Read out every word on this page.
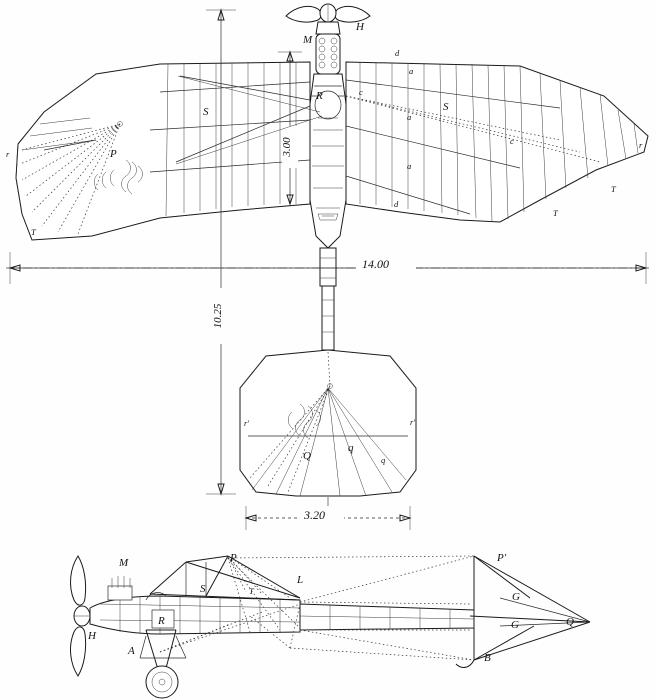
14.00
10.25
3.00
3.20
H
M
R
S	S
P
r
r
T
T
T
d
d
a
a
a
c
c
q
q
Q
r'	r'
M
H
R
A
S
P
T
L
B
G
G
P'
Q
